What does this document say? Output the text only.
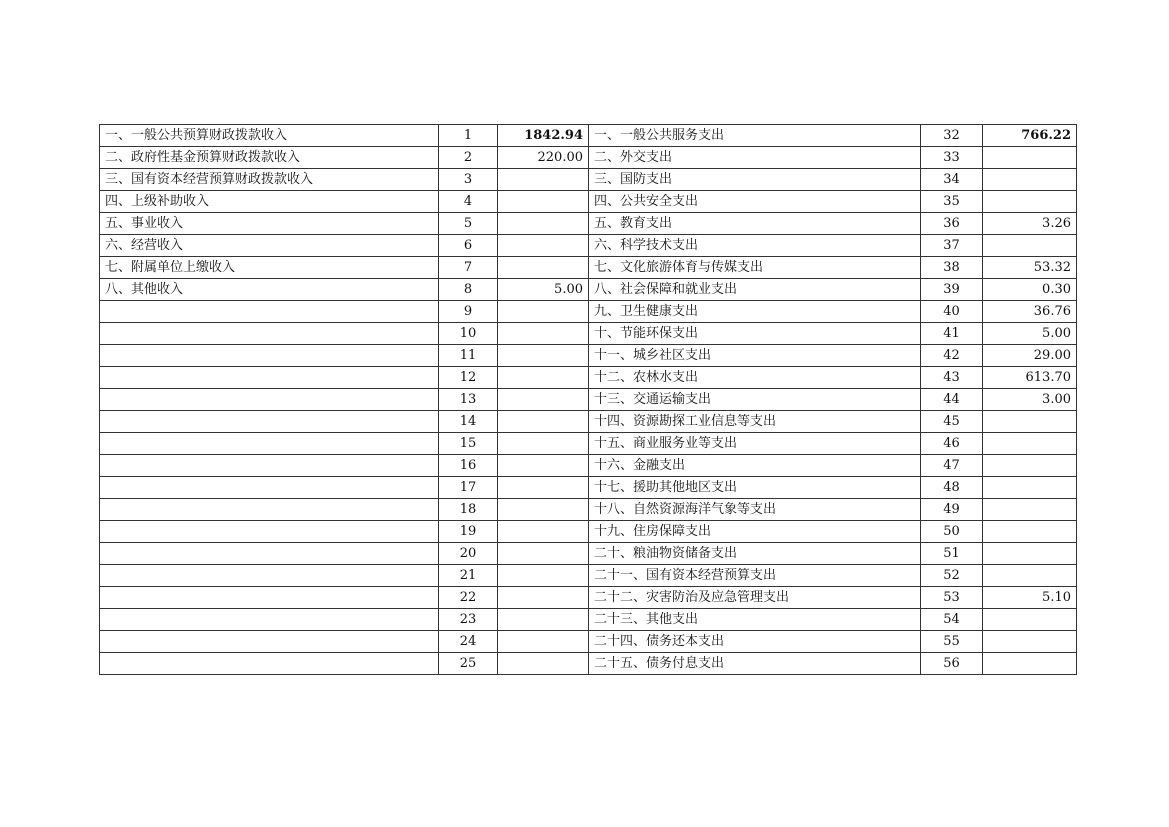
一、一般公共预算财政拨款收入	1	1842.94	一、一般公共服务支出	32	766.22
二、政府性基金预算财政拨款收入	2	220.00	二、外交支出	33	
三、国有资本经营预算财政拨款收入	3		三、国防支出	34	
四、上级补助收入	4		四、公共安全支出	35	
五、事业收入	5		五、教育支出	36	3.26
六、经营收入	6		六、科学技术支出	37	
七、附属单位上缴收入	7		七、文化旅游体育与传媒支出	38	53.32
八、其他收入	8	5.00	八、社会保障和就业支出	39	0.30
	9		九、卫生健康支出	40	36.76
	10		十、节能环保支出	41	5.00
	11		十一、城乡社区支出	42	29.00
	12		十二、农林水支出	43	613.70
	13		十三、交通运输支出	44	3.00
	14		十四、资源勘探工业信息等支出	45	
	15		十五、商业服务业等支出	46	
	16		十六、金融支出	47	
	17		十七、援助其他地区支出	48	
	18		十八、自然资源海洋气象等支出	49	
	19		十九、住房保障支出	50	
	20		二十、粮油物资储备支出	51	
	21		二十一、国有资本经营预算支出	52	
	22		二十二、灾害防治及应急管理支出	53	5.10
	23		二十三、其他支出	54	
	24		二十四、债务还本支出	55	
	25		二十五、债务付息支出	56	
